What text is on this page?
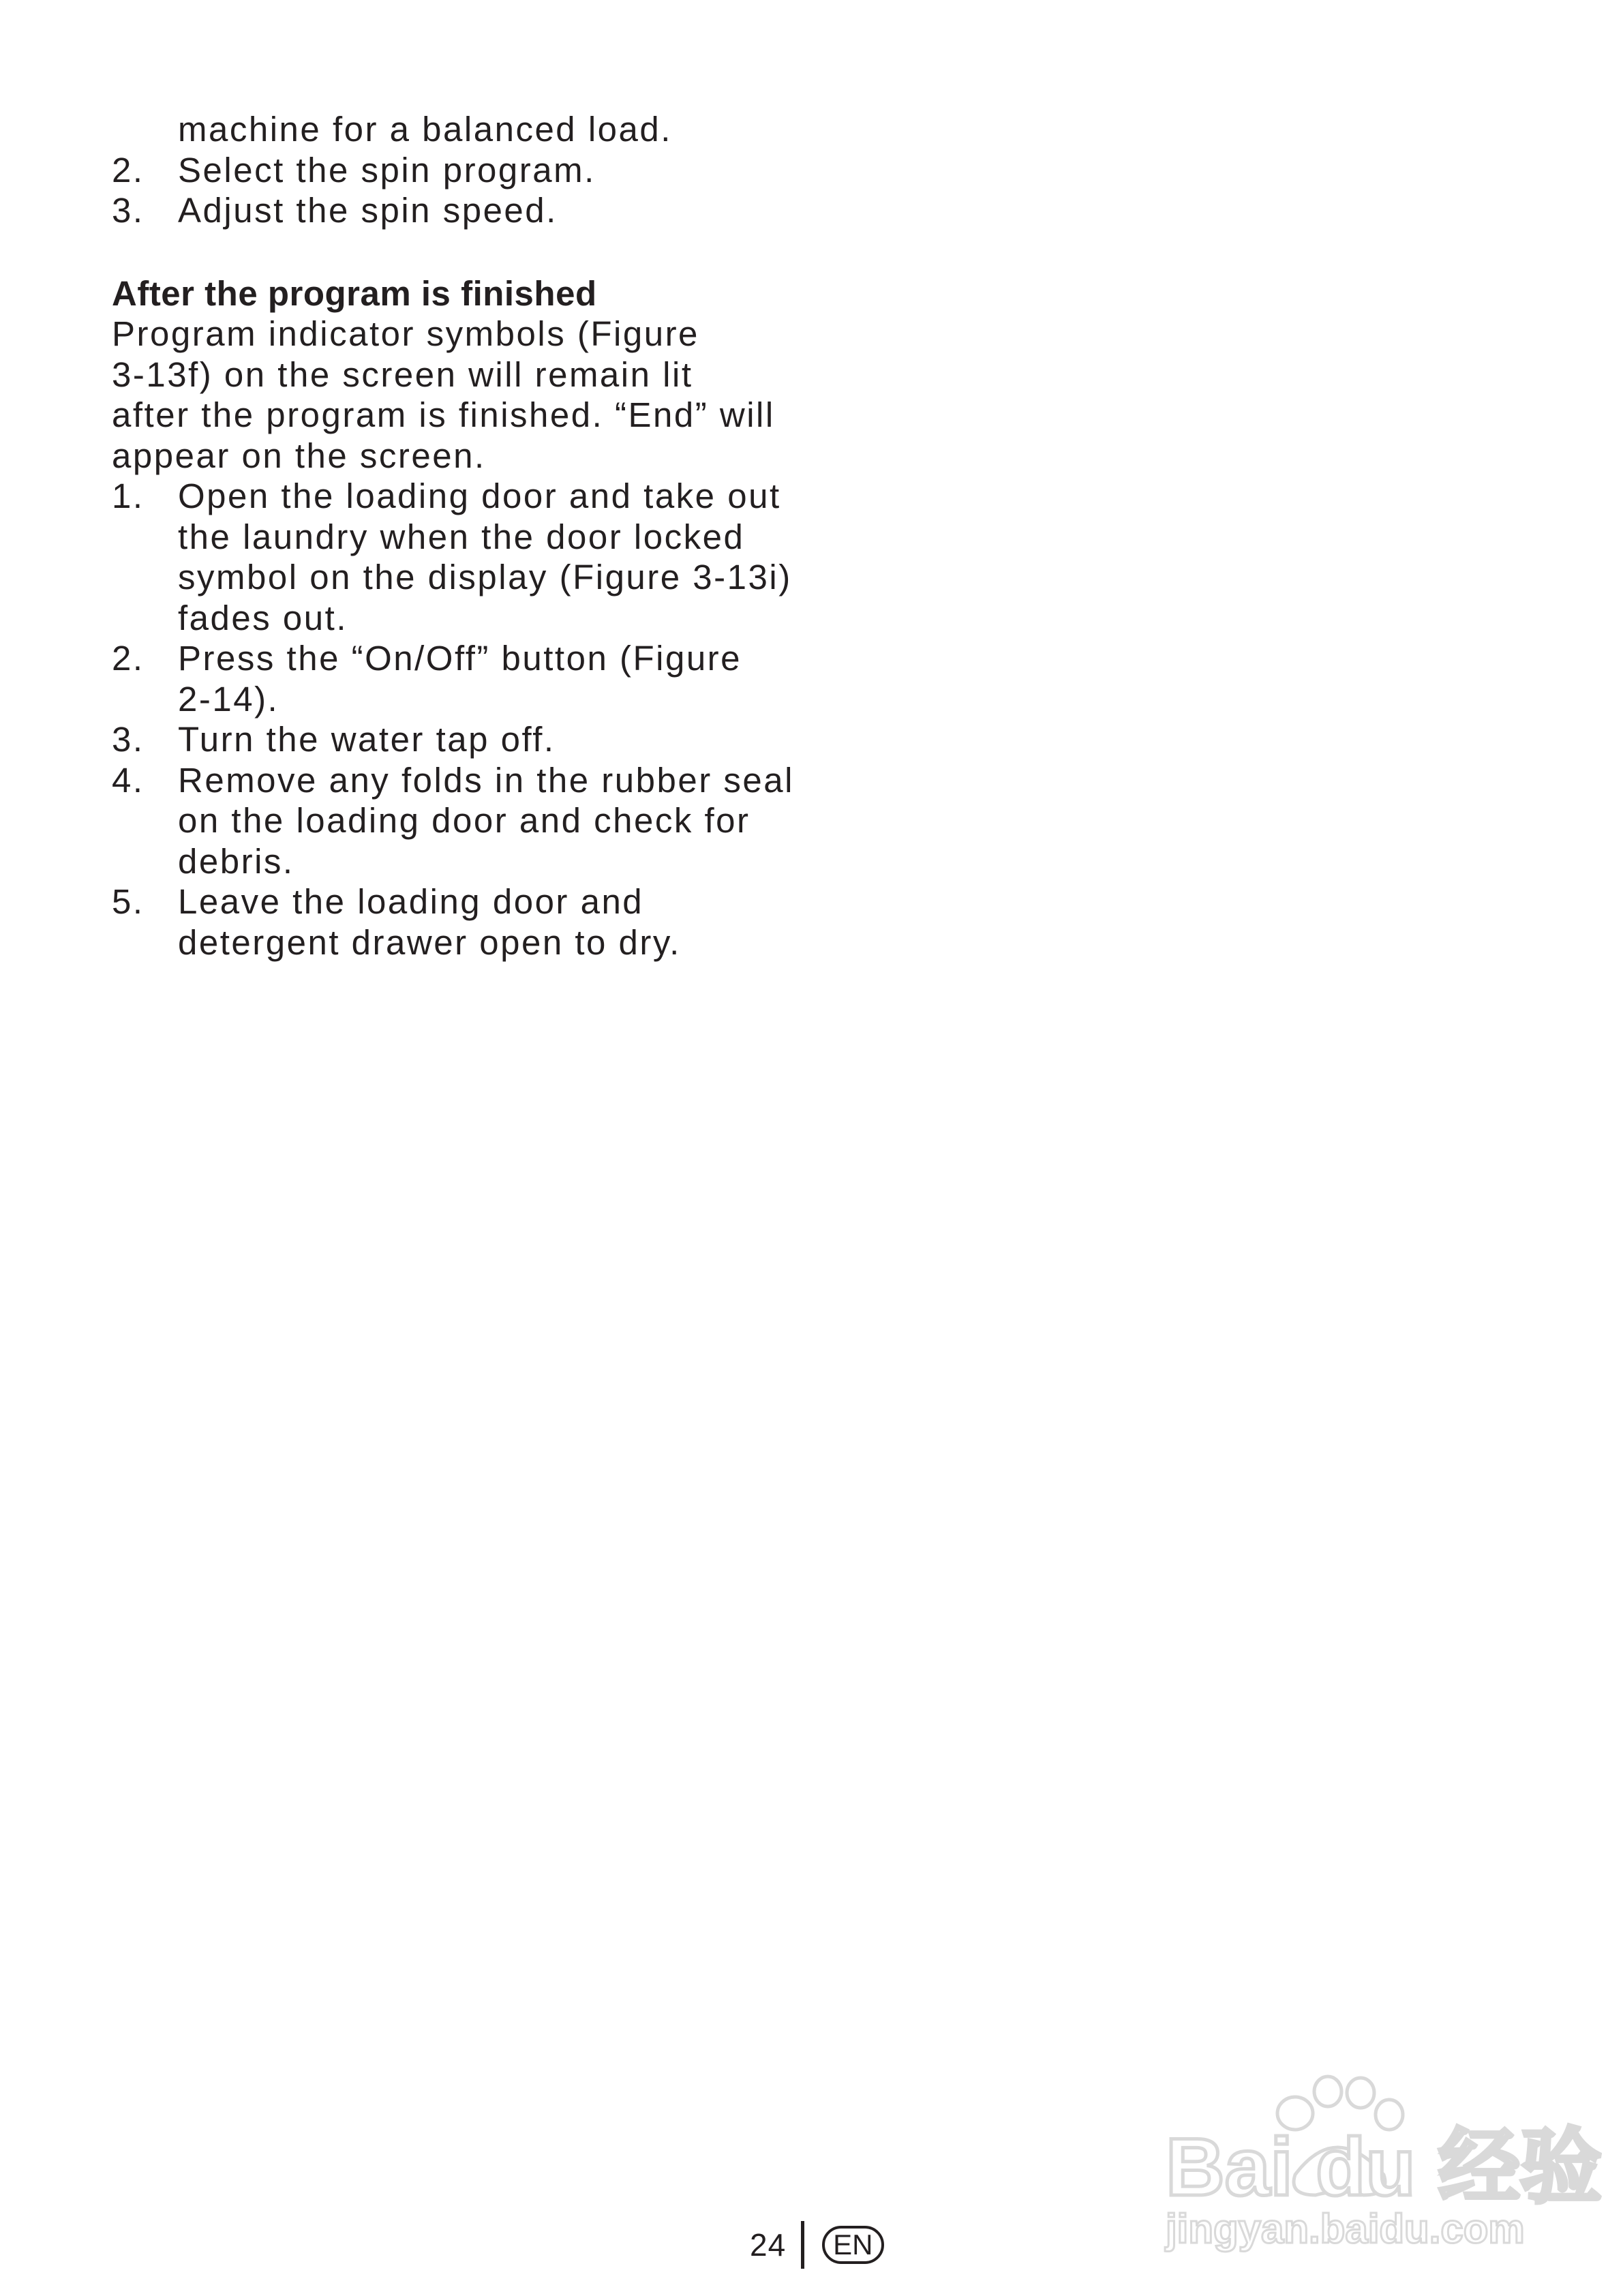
machine for a balanced load.
2. Select the spin program.
3. Adjust the spin speed.
After the program is finished
Program indicator symbols (Figure
3-13f) on the screen will remain lit
after the program is finished. “End” will
appear on the screen.
1. Open the loading door and take out
the laundry when the door locked
symbol on the display (Figure 3-13i)
fades out.
2. Press the “On/Off” button (Figure
2-14).
3. Turn the water tap off.
4. Remove any folds in the rubber seal
on the loading door and check for
debris.
5. Leave the loading door and
detergent drawer open to dry.
Bai du 经验
jingyan.baidu.com
24	EN
